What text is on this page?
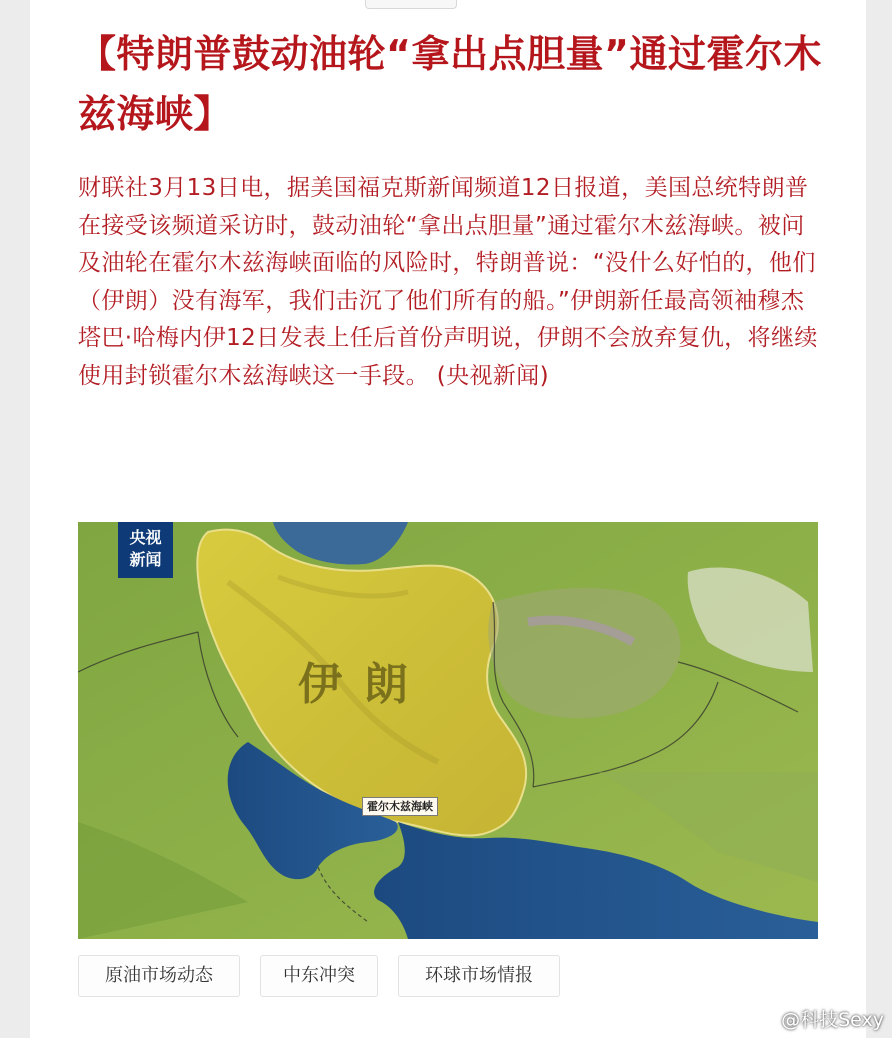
【特朗普鼓动油轮“拿出点胆量”通过霍尔木兹海峡】

财联社3月13日电，据美国福克斯新闻频道12日报道，美国总统特朗普在接受该频道采访时，鼓动油轮“拿出点胆量”通过霍尔木兹海峡。被问及油轮在霍尔木兹海峡面临的风险时，特朗普说：“没什么好怕的，他们（伊朗）没有海军，我们击沉了他们所有的船。”伊朗新任最高领袖穆杰塔巴·哈梅内伊12日发表上任后首份声明说，伊朗不会放弃复仇，将继续使用封锁霍尔木兹海峡这一手段。 (央视新闻)

央视
新闻
伊朗
霍尔木兹海峡
原油市场动态	中东冲突	环球市场情报
@科技Sexy
